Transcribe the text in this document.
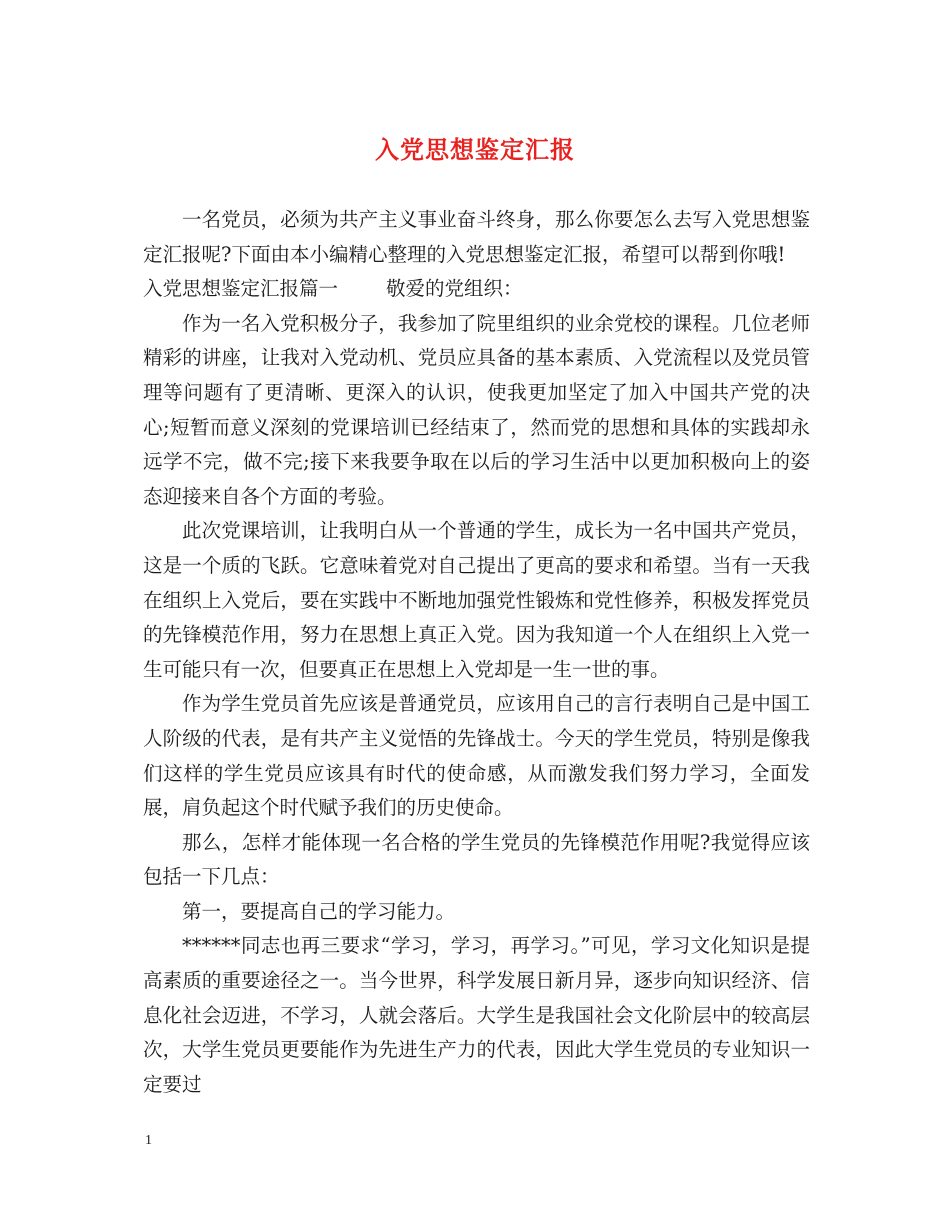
入党思想鉴定汇报

一名党员，必须为共产主义事业奋斗终身，那么你要怎么去写入党思想鉴定汇报呢?下面由本小编精心整理的入党思想鉴定汇报，希望可以帮到你哦!

入党思想鉴定汇报篇一 敬爱的党组织：

作为一名入党积极分子，我参加了院里组织的业余党校的课程。几位老师精彩的讲座，让我对入党动机、党员应具备的基本素质、入党流程以及党员管理等问题有了更清晰、更深入的认识，使我更加坚定了加入中国共产党的决心;短暂而意义深刻的党课培训已经结束了，然而党的思想和具体的实践却永远学不完，做不完;接下来我要争取在以后的学习生活中以更加积极向上的姿态迎接来自各个方面的考验。

此次党课培训，让我明白从一个普通的学生，成长为一名中国共产党员，这是一个质的飞跃。它意味着党对自己提出了更高的要求和希望。当有一天我在组织上入党后，要在实践中不断地加强党性锻炼和党性修养，积极发挥党员的先锋模范作用，努力在思想上真正入党。因为我知道一个人在组织上入党一生可能只有一次，但要真正在思想上入党却是一生一世的事。

作为学生党员首先应该是普通党员，应该用自己的言行表明自己是中国工人阶级的代表，是有共产主义觉悟的先锋战士。今天的学生党员，特别是像我们这样的学生党员应该具有时代的使命感，从而激发我们努力学习，全面发展，肩负起这个时代赋予我们的历史使命。

那么，怎样才能体现一名合格的学生党员的先锋模范作用呢?我觉得应该包括一下几点：

第一，要提高自己的学习能力。

******同志也再三要求“学习，学习，再学习。”可见，学习文化知识是提高素质的重要途径之一。当今世界，科学发展日新月异，逐步向知识经济、信息化社会迈进，不学习，人就会落后。大学生是我国社会文化阶层中的较高层次，大学生党员更要能作为先进生产力的代表，因此大学生党员的专业知识一定要过

1
